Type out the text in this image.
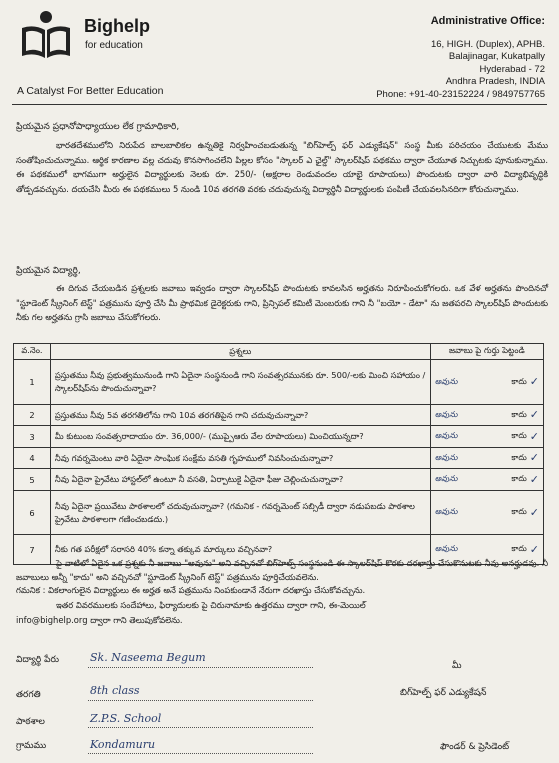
Bighelp
for education
A Catalyst For Better Education
Administrative Office:
16, HIGH. (Duplex), APHB.
Balajinagar, Kukatpally
Hyderabad - 72
Andhra Pradesh, INDIA
Phone: +91-40-23152224 / 9849757765
ప్రియమైన ప్రధానోపాధ్యాయుల లేక గ్రామాధికారి,
భారతదేశములోని నిరుపేద బాలబాలికల ఉన్నతికై నిర్వహించబడుతున్న "బిగ్‌హెల్ప్ ఫర్ ఎడ్యుకేషన్" సంస్థ మీకు పరిచయం చేయుటకు మేము సంతోషించుచున్నాము. ఆర్థిక కారణాల వల్ల చదువు కొనసాగించలేని పిల్లల కోసం "స్కాలర్ ఎ ఛైల్డ్" స్కాలర్‌షిప్ పథకము ద్వారా చేయూత నిచ్చుటకు పూనుకున్నాము. ఈ పథకములో భాగముగా అర్హులైన విద్యార్థులకు నెలకు రూ. 250/- (అక్షరాల రెండువందల యాభై రూపాయలు) పొందుటకు ద్వారా వారి విద్యాభివృద్ధికి తోడ్పడవచ్చును. దయచేసి మీరు ఈ పథకములు 5 నుండి 10వ తరగతి వరకు చదువుచున్న విద్యార్థినీ విద్యార్థులకు పంపిణీ చేయవలసినదిగా కోరుచున్నాము.
ప్రియమైన విద్యార్థి,
ఈ దిగువ చేయబడిన ప్రశ్నలకు జవాబు ఇవ్వడం ద్వారా స్కాలర్‌షిప్ పొందుటకు కావలసిన అర్హతను నిరూపించుకోగలరు. ఒక వేళ అర్హతను పొందినచో "స్టూడెంట్ స్క్రీనింగ్ టెస్ట్" పత్రమును పూర్తి చేసి మీ ప్రాథమిక డైరెక్టరుకు గాని, ప్రిన్సిపల్ కమిటీ మెంబరుకు గాని నీ "బయో - డేటా" ను జతపరచి స్కాలర్‌షిప్ పొందుటకు నీకు గల అర్హతను గ్రాసి జబాబు చేసుకోగలరు.
వ.నెం.	ప్రశ్నలు	జవాబు పై గుర్తు పెట్టండి
1	ప్రస్తుతము నీవు ప్రభుత్వమునుండి గాని ఏదైనా సంస్థనుండి గాని సంవత్సరమునకు రూ. 500/-లకు మించి సహాయం / స్కాలర్‌షిప్‌ను పొందుచున్నావా?	అవును కాదు ✓

2	ప్రస్తుతము నీవు 5వ తరగతిలోను గాని 10వ తరగతిపైన గాని చదువుచున్నావా?	అవును కాదు ✓

3	మీ కుటుంబ సంవత్సరాదాయం రూ. 36,000/- (ముప్పైఆరు వేల రూపాయలు) మించియున్నదా?	అవును కాదు ✓

4	నీవు గవర్నమెంటు వారి ఏదైనా సాంఘిక సంక్షేమ వసతి గృహములో నివసించుచున్నావా?	అవును కాదు ✓

5	నీవు ఏదైనా ప్రైవేటు హాస్టల్‌లో ఉంటూ నీ వసతి, ఏర్పాటుకై ఏదైనా ఫీజు చెల్లించుచున్నావా?	అవును కాదు ✓

6	నీవు ఏదైనా ప్రయివేటు పాఠశాలలో చదువుచున్నావా? (గమనిక - గవర్నమెంట్ సబ్సిడీ ద్వారా నడుపబడు పాఠశాల ప్రైవేటు పాఠశాలగా గణించబడదు.)	అవును కాదు ✓

7	నీకు గత పరీక్షలో సరాసరి 40% కన్నా తక్కువ మార్కులు వచ్చినవా?	అవును కాదు ✓
పై వాటిలో ఏదైన ఒక ప్రశ్నకు నీ జవాబు "అవును" అని వచ్చినచో బిగ్‌హెల్ప్ సంస్థనుండి ఈ స్కాలర్‌షిప్ కొరకు దరఖాస్తు చేసుకొనుటకు నీవు అనర్హుడవు. నీ జవాబులు అన్నీ "కాదు" అని వచ్చినచో "స్టూడెంట్ స్క్రీనింగ్ టెస్ట్" పత్రమును పూర్తిచేయవలెను.
గమనిక : వికలాంగులైన విద్యార్థులు ఈ అర్హత అనే పత్రమును నింపకుండానే నేరుగా దరఖాస్తు చేసుకోవచ్చును.
ఇతర వివరములకు సందేహాలు, ఫిర్యాదులకు పై చిరునామాకు ఉత్తరము ద్వారా గాని, ఈ-మెయిల్
info@bighelp.org ద్వారా గాని తెలుపుకోవలెను.
విద్యార్థి పేరు	Sk. Naseema Begum
తరగతి	8th class
పాఠశాల	Z.P.S. School
గ్రామము	Kondamuru
మీ
బిగ్‌హెల్ప్ ఫర్ ఎడ్యుకేషన్
ఫౌండర్ & ప్రెసిడెంట్
